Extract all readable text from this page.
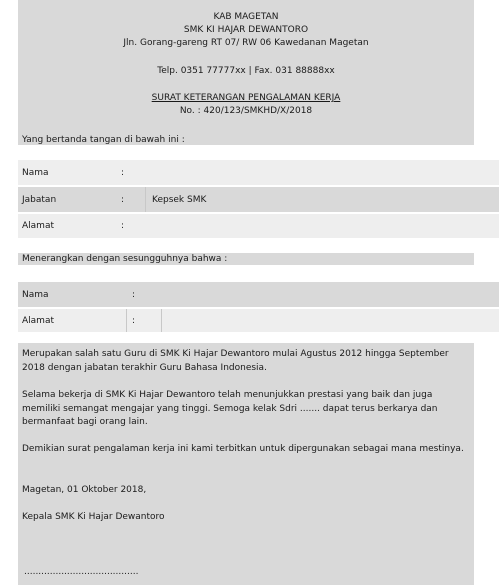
KAB MAGETAN
SMK KI HAJAR DEWANTORO
Jln. Gorang-gareng RT 07/ RW 06 Kawedanan Magetan
Telp. 0351 77777xx | Fax. 031 88888xx
SURAT KETERANGAN PENGALAMAN KERJA
No. : 420/123/SMKHD/X/2018
Yang bertanda tangan di bawah ini :
Nama	:
Jabatan	:	Kepsek SMK
Alamat	:
Menerangkan dengan sesungguhnya bahwa :
Nama	:
Alamat	:
Merupakan salah satu Guru di SMK Ki Hajar Dewantoro mulai Agustus 2012 hingga September 2018 dengan jabatan terakhir Guru Bahasa Indonesia.
Selama bekerja di SMK Ki Hajar Dewantoro telah menunjukkan prestasi yang baik dan juga memiliki semangat mengajar yang tinggi. Semoga kelak Sdri ....... dapat terus berkarya dan bermanfaat bagi orang lain.
Demikian surat pengalaman kerja ini kami terbitkan untuk dipergunakan sebagai mana mestinya.
Magetan, 01 Oktober 2018,
Kepala SMK Ki Hajar Dewantoro
........................................
